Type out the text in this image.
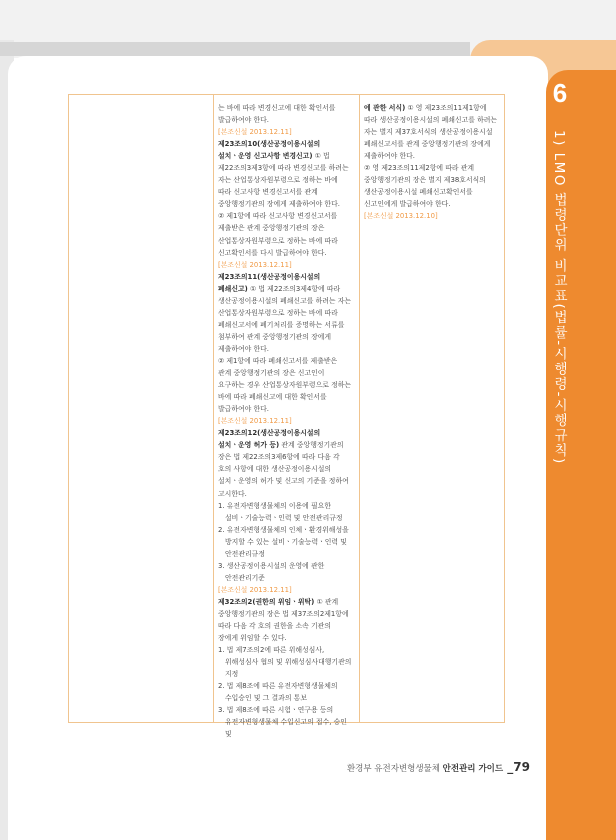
6
1) LMO 법령단위 비교표(법률-시행령-시행규칙)

는 바에 따라 변경신고에 대한 확인서를 발급하여야 한다.

[본조신설 2013.12.11]

제23조의10(생산공정이용시설의 설치ㆍ운영 신고사항 변경신고) ① 법 제22조의3제3항에 따라 변경신고를 하려는 자는 산업통상자원부령으로 정하는 바에 따라 신고사항 변경신고서를 관계 중앙행정기관의 장에게 제출하여야 한다.

② 제1항에 따라 신고사항 변경신고서를 제출받은 관계 중앙행정기관의 장은 산업통상자원부령으로 정하는 바에 따라 신고확인서를 다시 발급하여야 한다.

[본조신설 2013.12.11]

제23조의11(생산공정이용시설의 폐쇄신고) ① 법 제22조의3제4항에 따라 생산공정이용시설의 폐쇄신고를 하려는 자는 산업통상자원부령으로 정하는 바에 따라 폐쇄신고서에 폐기처리를 증명하는 서류를 첨부하여 관계 중앙행정기관의 장에게 제출하여야 한다.

② 제1항에 따라 폐쇄신고서를 제출받은 관계 중앙행정기관의 장은 신고인이 요구하는 경우 산업통상자원부령으로 정하는 바에 따라 폐쇄신고에 대한 확인서를 발급하여야 한다.

[본조신설 2013.12.11]

제23조의12(생산공정이용시설의 설치ㆍ운영 허가 등) 관계 중앙행정기관의 장은 법 제22조의3제6항에 따라 다음 각 호의 사항에 대한 생산공정이용시설의 설치ㆍ운영의 허가 및 신고의 기준을 정하여 고시한다.

1. 유전자변형생물체의 이용에 필요한 설비ㆍ기술능력ㆍ인력 및 안전관리규정

2. 유전자변형생물체의 인체ㆍ환경위해성을 방지할 수 있는 설비ㆍ기술능력ㆍ인력 및 안전관리규정

3. 생산공정이용시설의 운영에 관한 안전관리기준

[본조신설 2013.12.11]

제32조의2(권한의 위임ㆍ위탁) ① 관계 중앙행정기관의 장은 법 제37조의2제1항에 따라 다음 각 호의 권한을 소속 기관의 장에게 위임할 수 있다.

1. 법 제7조의2에 따른 위해성심사, 위해성심사 협의 및 위해성심사대행기관의 지정

2. 법 제8조에 따른 유전자변형생물체의 수입승인 및 그 결과의 통보

3. 법 제8조에 따른 시험ㆍ연구용 등의 유전자변형생물체 수입신고의 접수, 승인 및

에 관한 서식) ① 영 제23조의11제1항에 따라 생산공정이용시설의 폐쇄신고를 하려는 자는 별지 제37호서식의 생산공정이용시설 폐쇄신고서를 관계 중앙행정기관의 장에게 제출하여야 한다.

② 영 제23조의11제2항에 따라 관계 중앙행정기관의 장은 별지 제38호서식의 생산공정이용시설 폐쇄신고확인서를 신고인에게 발급하여야 한다.

[본조신설 2013.12.10]

환경부 유전자변형생물체 안전관리 가이드 _79
